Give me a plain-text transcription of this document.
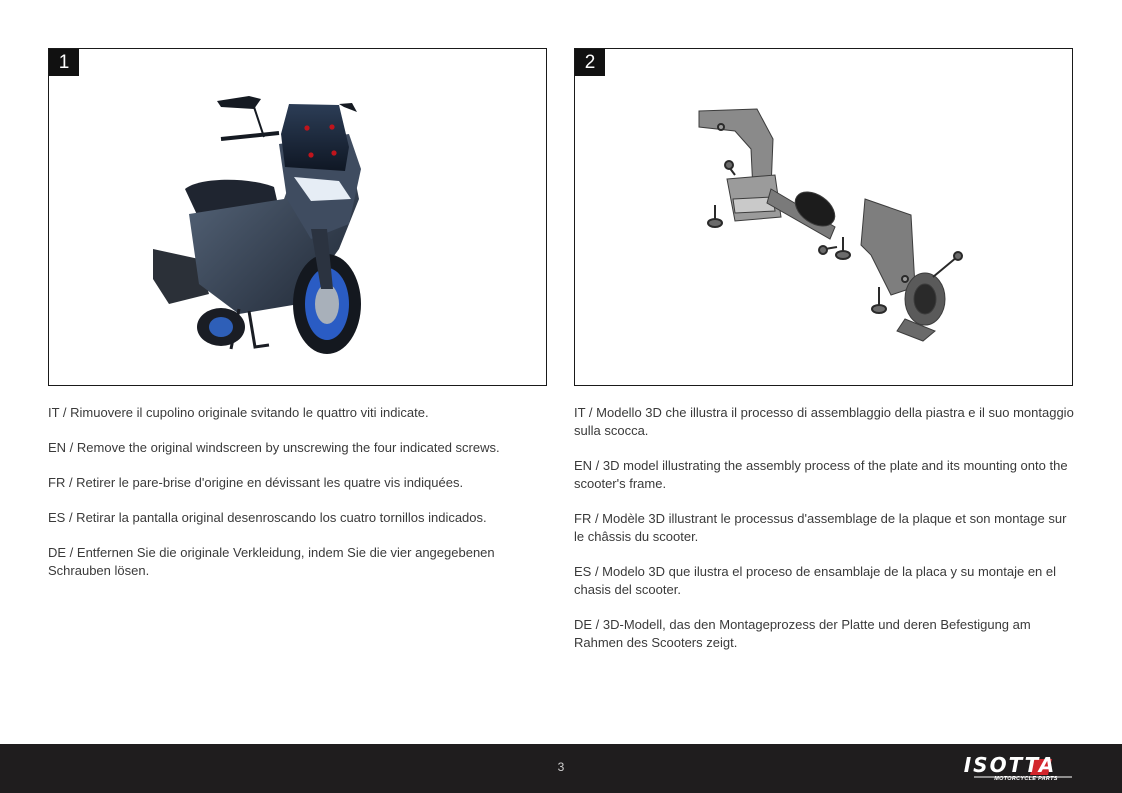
1	2

IT / Rimuovere il cupolino originale svitando le quattro viti indicate.

EN / Remove the original windscreen by unscrewing the four indicated screws.

FR / Retirer le pare-brise d'origine en dévissant les quatre vis indiquées.

ES / Retirar la pantalla original desenroscando los cuatro tornillos indicados.

DE / Entfernen Sie die originale Verkleidung, indem Sie die vier angegebenen Schrauben lösen.

IT / Modello 3D che illustra il processo di assemblaggio della piastra e il suo montaggio sulla scocca.

EN / 3D model illustrating the assembly process of the plate and its mounting onto the scooter's frame.

FR / Modèle 3D illustrant le processus d'assemblage de la plaque et son montage sur le châssis du scooter.

ES / Modelo 3D que ilustra el proceso de ensamblaje de la placa y su montaje en el chasis del scooter.

DE / 3D-Modell, das den Montageprozess der Platte und deren Befestigung am Rahmen des Scooters zeigt.

3	ISOTTA
MOTORCYCLE PARTS
